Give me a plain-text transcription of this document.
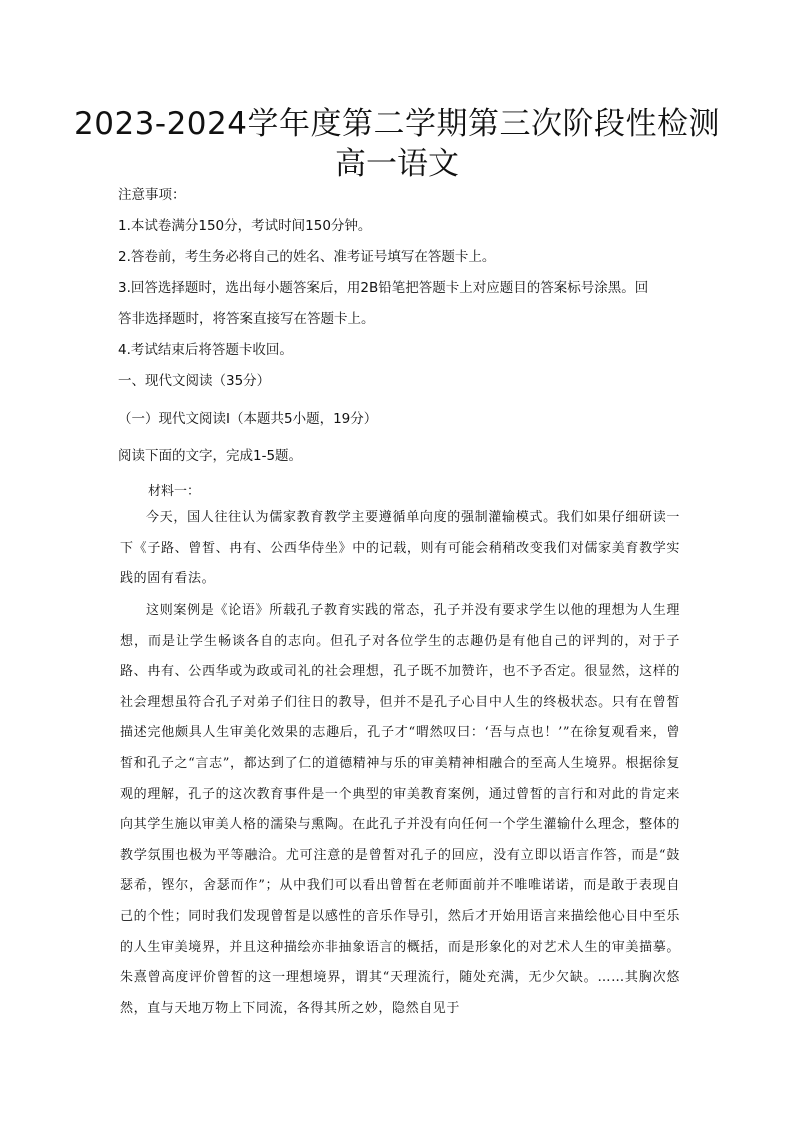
2023-2024学年度第二学期第三次阶段性检测
高一语文
注意事项：
1.本试卷满分150分，考试时间150分钟。
2.答卷前，考生务必将自己的姓名、准考证号填写在答题卡上。
3.回答选择题时，选出每小题答案后，用2B铅笔把答题卡上对应题目的答案标号涂黑。回
答非选择题时，将答案直接写在答题卡上。
4.考试结束后将答题卡收回。
一、现代文阅读（35分）
（一）现代文阅读Ⅰ（本题共5小题，19分）
阅读下面的文字，完成1-5题。
材料一：
今天，国人往往认为儒家教育教学主要遵循单向度的强制灌输模式。我们如果仔细研读一下《子路、曾皙、冉有、公西华侍坐》中的记载，则有可能会稍稍改变我们对儒家美育教学实践的固有看法。
这则案例是《论语》所载孔子教育实践的常态，孔子并没有要求学生以他的理想为人生理想，而是让学生畅谈各自的志向。但孔子对各位学生的志趣仍是有他自己的评判的，对于子路、冉有、公西华或为政或司礼的社会理想，孔子既不加赞许，也不予否定。很显然，这样的社会理想虽符合孔子对弟子们往日的教导，但并不是孔子心目中人生的终极状态。只有在曾皙描述完他颇具人生审美化效果的志趣后，孔子才“喟然叹曰：‘吾与点也！’”在徐复观看来，曾皙和孔子之“言志”，都达到了仁的道德精神与乐的审美精神相融合的至高人生境界。根据徐复观的理解，孔子的这次教育事件是一个典型的审美教育案例，通过曾皙的言行和对此的肯定来向其学生施以审美人格的濡染与熏陶。在此孔子并没有向任何一个学生灌输什么理念，整体的教学氛围也极为平等融洽。尤可注意的是曾皙对孔子的回应，没有立即以语言作答，而是“鼓瑟希，铿尔，舍瑟而作”；从中我们可以看出曾皙在老师面前并不唯唯诺诺，而是敢于表现自己的个性；同时我们发现曾皙是以感性的音乐作导引，然后才开始用语言来描绘他心目中至乐的人生审美境界，并且这种描绘亦非抽象语言的概括，而是形象化的对艺术人生的审美描摹。朱熹曾高度评价曾皙的这一理想境界，谓其“天理流行，随处充满，无少欠缺。……其胸次悠然，直与天地万物上下同流，各得其所之妙，隐然自见于
